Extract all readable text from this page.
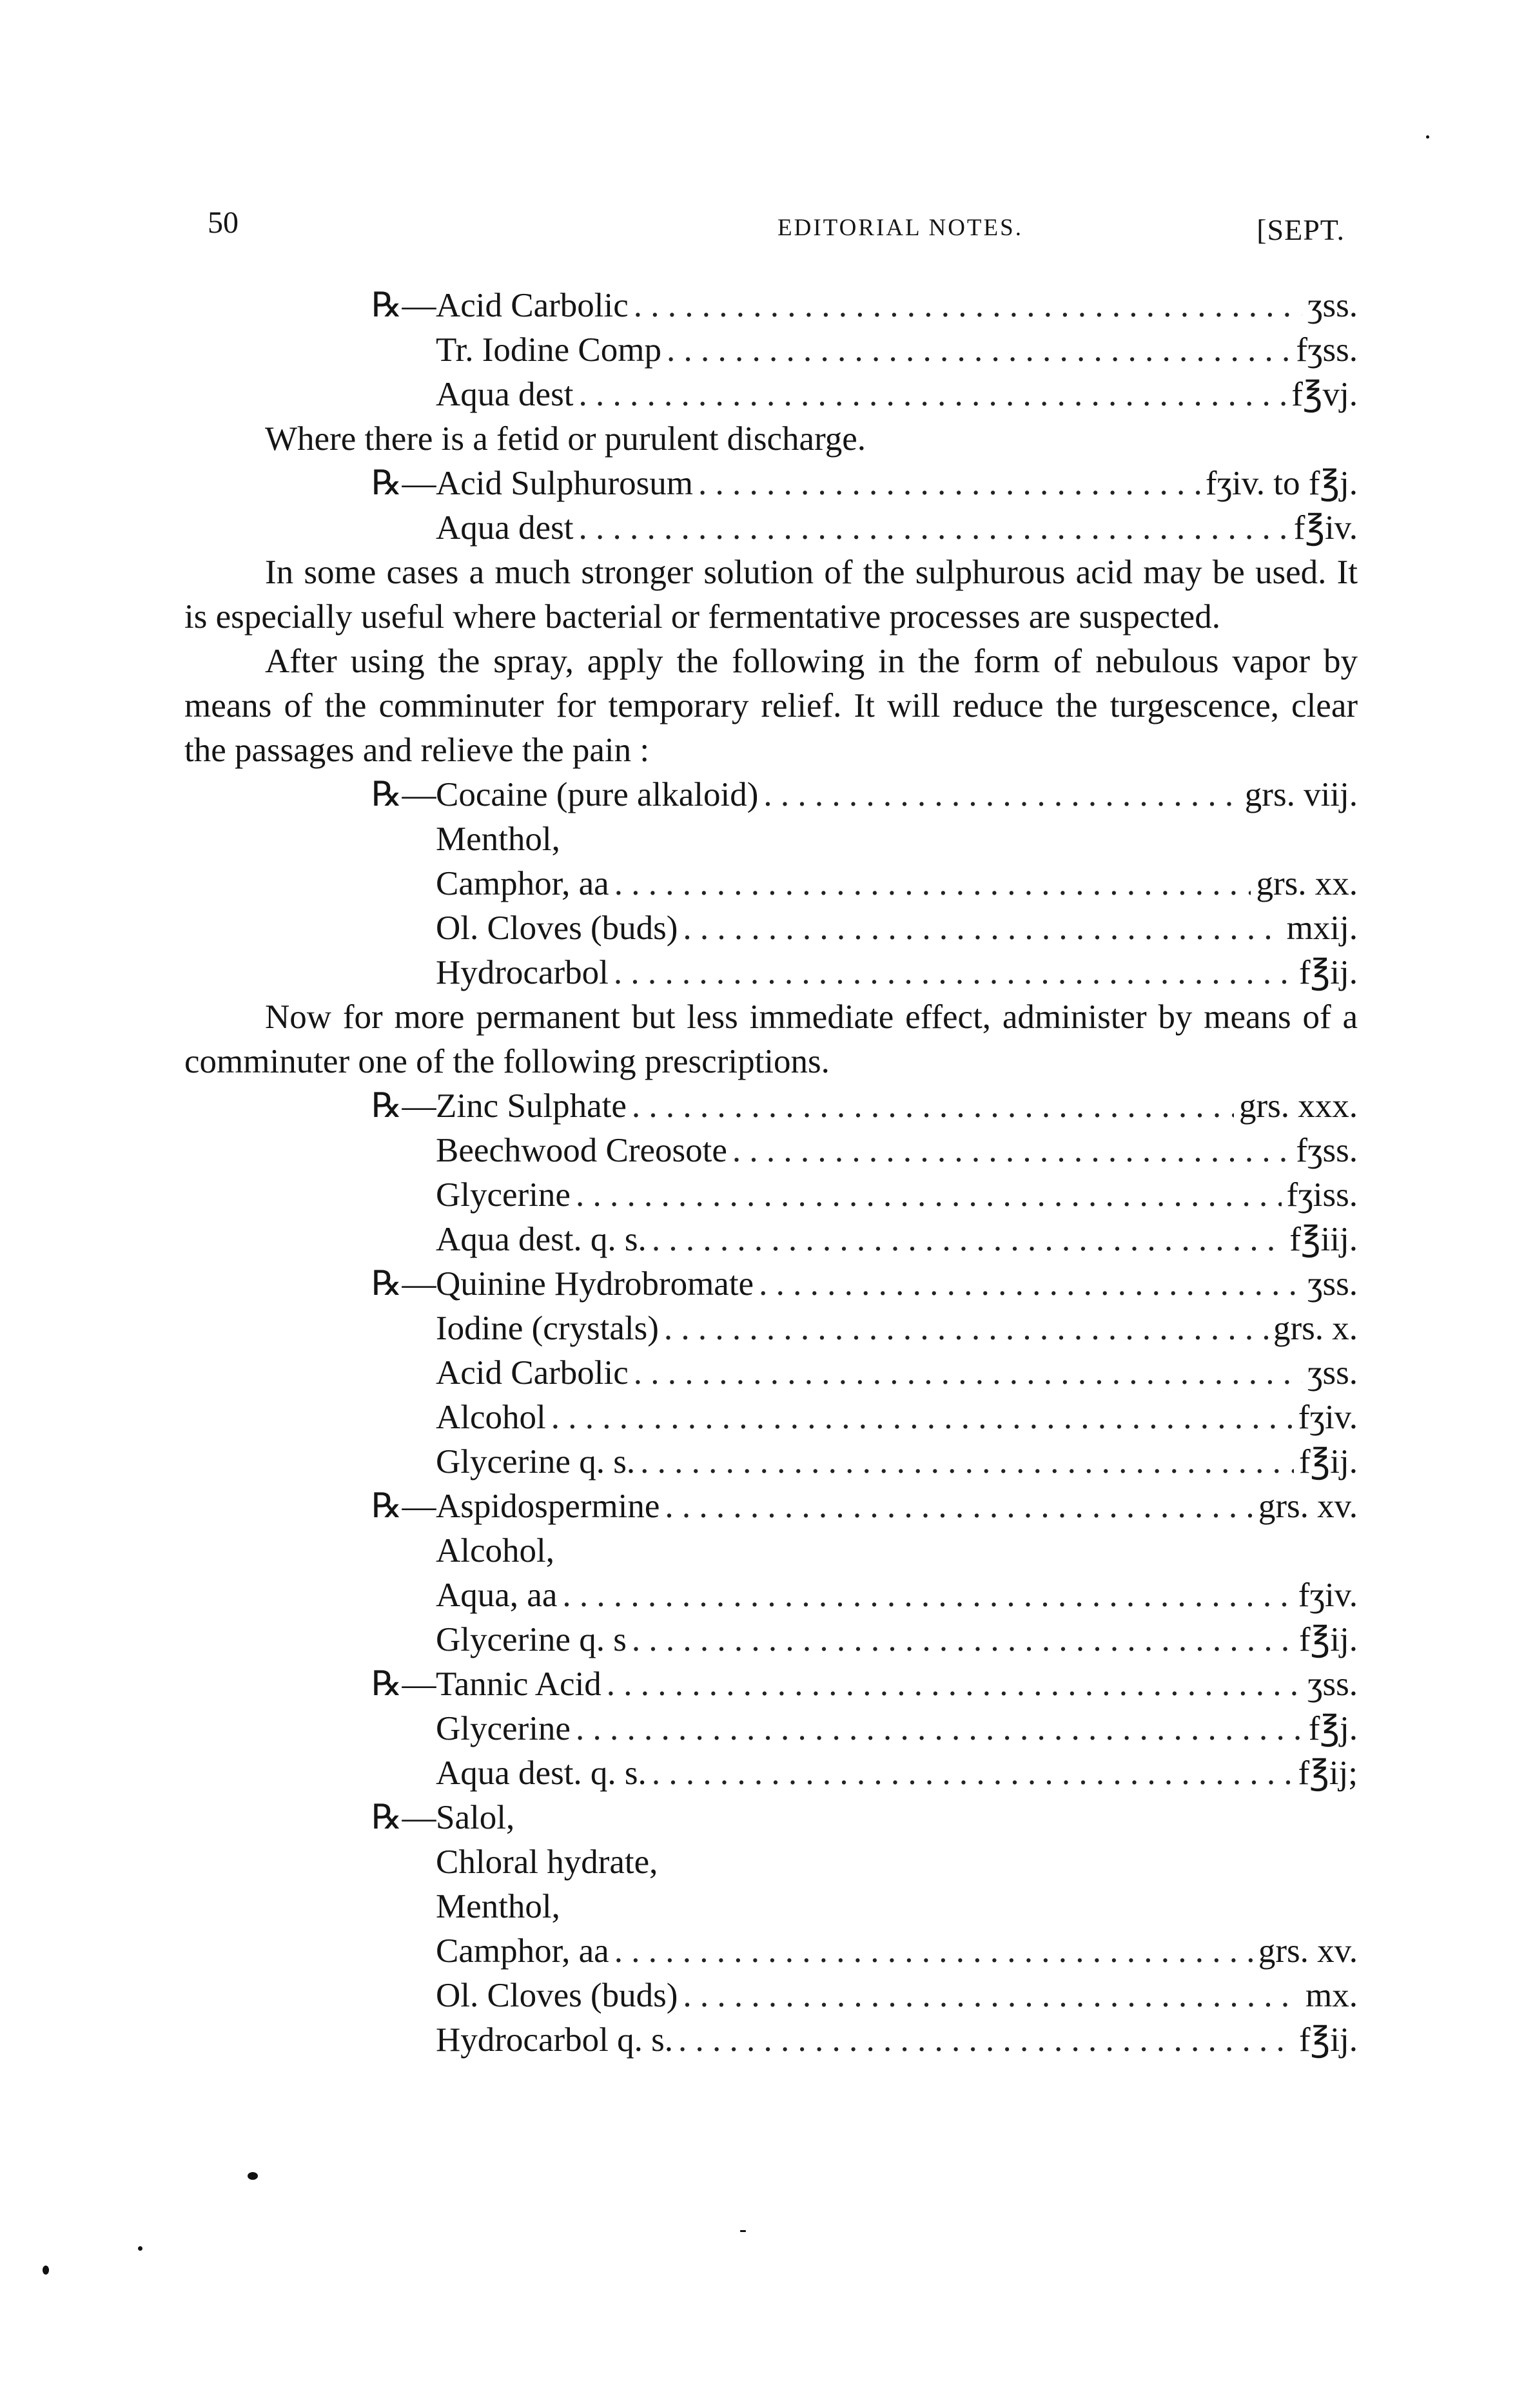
50	EDITORIAL NOTES.	[SEPT.
℞— Acid Carbolic . . .	ʒss.
Tr. Iodine Comp . . .	fʒss.
Aqua dest . . .	f℥vj.

Where there is a fetid or purulent discharge.

℞— Acid Sulphurosum . . .	fʒiv. to f℥j.
Aqua dest . . .	f℥iv.

In some cases a much stronger solution of the sulphurous acid may be used. It is especially useful where bacterial or fermentative processes are suspected.

After using the spray, apply the following in the form of nebulous vapor by means of the comminuter for temporary relief. It will reduce the turgescence, clear the passages and relieve the pain :

℞— Cocaine (pure alkaloid) . . .	grs. viij.
Menthol,
Camphor, aa . . .	grs. xx.
Ol. Cloves (buds) . . .	mxij.
Hydrocarbol . . .	f℥ij.

Now for more permanent but less immediate effect, administer by means of a comminuter one of the following prescriptions.

℞— Zinc Sulphate . . .	grs. xxx.
Beechwood Creosote . . .	fʒss.
Glycerine . . .	fʒiss.
Aqua dest. q. s. . . .	f℥iij.
℞— Quinine Hydrobromate . . .	ʒss.
Iodine (crystals) . . .	grs. x.
Acid Carbolic . . .	ʒss.
Alcohol . . .	fʒiv.
Glycerine q. s. . . .	f℥ij.
℞— Aspidospermine . . .	grs. xv.
Alcohol,
Aqua, aa . . .	fʒiv.
Glycerine q. s . . .	f℥ij.
℞— Tannic Acid . . .	ʒss.
Glycerine . . .	f℥j.
Aqua dest. q. s. . . .	f℥ij;
℞— Salol,
Chloral hydrate,
Menthol,
Camphor, aa . . .	grs. xv.
Ol. Cloves (buds) . . .	mx.
Hydrocarbol q. s. . . .	f℥ij.
